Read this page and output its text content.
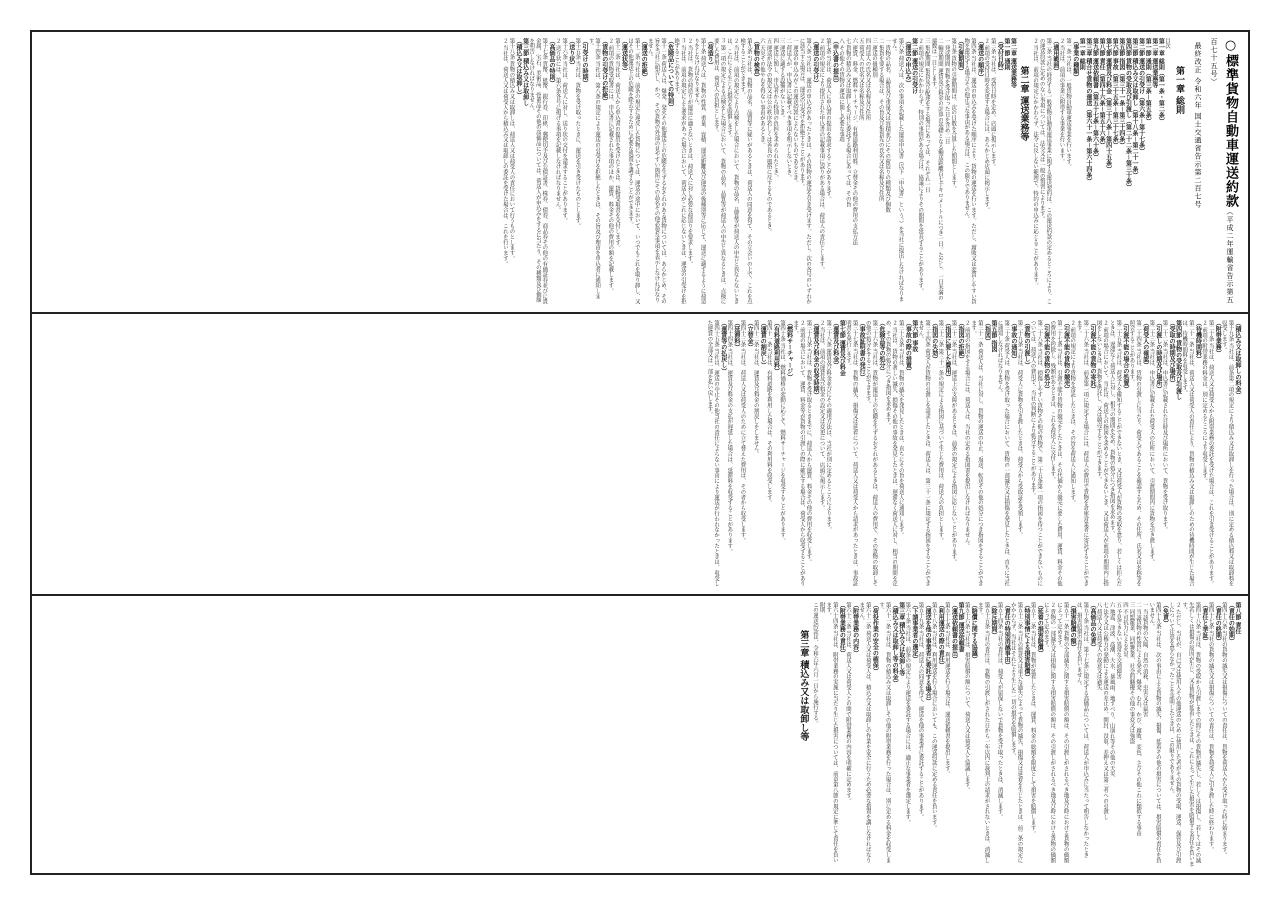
○標準貨物自動車運送約款（平成二年運輸省告示第五百七十五号）
最終改正 令和六年 国土交通省告示第二百七号
第一章 総則
目次
第一章 総則（第一条・第二条）
第二章 運送業務等
第一節 通則（第三条－第五条）
第二節 運送の引受け（第六条－第十七条）
第三節 積込み又は取卸し（第十八条－第二十一条）
第四節 貨物の受取及び引渡し（第二十二条－第三十条）
第五節 指図（第三十一条－第三十四条）
第六節 事故（第三十五条－第三十七条）
第七節 運賃及び料金（第三十八条－第四十五条）
第八節 責任（第四十六条－第五十六条）
第九節 運送依頼書（第五十七条－第六十条）
第三章 積合せ貨物の運送（第六十一条－第六十四条）
第一章 総則
（事業の種類）
第一条 当社は、一般貨物自動車運送事業を行います。
２ 当社は、前項の事業に附帯する事業を行います。
（適用範囲）
第二条 当社の経営する一般貨物自動車運送事業に関する運送契約は、この運送約款の定めるところにより、この運送約款に定めのない事項については、法令又は一般の慣習によります。
２ 当社は、前項の規定にかかわらず、法令に反しない範囲で、特約の申込みに応じることがあります。
第二章 運送業務等
第二章 運送業務等
第一節 通則
（受付日時）
第三条 当社は、受付日時を定め、店頭に掲示します。
２ 前項の受付日時を変更する場合には、あらかじめ店頭に掲示します。
（運送の順序）
第四条 当社は、運送の申込みを受けた順序により、貨物の運送を行います。ただし、腐敗又は変質しやすい貨物を運送する場合その他正当な事由がある場合は、この限りでありません。
（引渡期間）
第五条 貨物の引渡期間は、次の日数を合算した期間とします。
一 発送期間 貨物を受け取った日を含め二日
二 輸送期間 運賃及び料金の計算の基礎となる輸送距離百七十キロメートルにつき一日。ただし、一日未満の端数は一日とします。
三 集配期間 集貨及び配達をする場合にあっては、それぞれ一日
２ 前項の規定にかかわらず、特別の事情がある場合は、協議によりその期間を延長することがあります。
第二節 運送の引受け
（運送の申込み）
第六条 荷送人は、次の事項を記載した運送申込書（以下「申込書」という。）を当社に提出しなければなりません。
一 貨物の品名、品質及び重量又は容積並びにその荷造りの種類及び個数
二 集貨を要する場合は、その旨及び集貨先の氏名又は名称及び住所
三 運送の扱種別
四 荷送人の氏名又は名称及び住所
五 荷受人の氏名又は名称及び住所
六 運賃、料金、燃料サーチャージ、有料道路利用料、立替金その他の費用の支払方法
七 貨物の積込み又は取卸しを当社に委託する場合にあっては、その旨
八 その他その貨物の運送に関し必要な事項
（申込書の提出）
第七条 当社は、荷送人に申込書の提出を請求することがあります。
２ 前項の規定により提出された申込書の記載事項に誤りがある場合は、荷送人の責任とします。
（運送の引受け）
第八条 当社は、運送の申込みがあったときは、その貨物の運送を引き受けます。ただし、次の各号のいずれかに該当する場合は、運送の引受けを拒絶することがあります。
一 運送の申込みがこの運送約款によらないものであるとき。
二 荷送人が、申込書に記載すべき事項を明示しないとき。
三 運送に適する設備がないとき。
四 運送に関し、申込者から特別の負担を求められたとき。
五 運送が法令の規定又は公の秩序若しくは善良の風俗に反するものであるとき。
六 天災その他やむを得ない事由があるとき。
（貨物の検査）
第九条 当社は、貨物の品名、品質等に疑いがあるときは、荷送人の同意を得て、その立会いの上で、これを点検することができます。
２ 当社は、前項の規定により点検をした場合において、貨物の品名、品質等が荷送人の申告と異ならないときは、これにより生じた損害を賠償します。
３ 第一項の規定による点検をした場合において、貨物の品名、品質等が荷送人の申告と異なるときは、点検に要した費用は、荷送人の負担とします。
（荷造り）
第十条 荷送人は、貨物の性質、重量、容積、運送距離及び運送の扱種別等に応じて、運送に適するように荷造りをしなければなりません。
２ 当社は、貨物の荷造りが運送に適さないときは、荷送人に対し必要な荷造りを要求します。
３ 当社は、前項の規定による要求があった場合において、荷送人がこれに応じないときは、運送の引受けを拒絶することがあります。
（危険品についての特則）
第十一条 荷送人は、爆発、発火その他運送上の危険を生ずるおそれのある貨物については、あらかじめ、その旨を当社に明告し、かつ、その貨物の外部の見やすい箇所にその品名その他必要な事項を表示しなければなりません。
（運送の拒絶）
第十二条 当社は、前条の規定に違反した貨物については、運送の途中において、いつでもこれを取り卸し、又はその他運送上の危険を除去するために必要な処置を講ずることができます。
（運送状等）
第十三条 当社は、荷送人から申込書の提出を受けたときは、貨物受取書を交付します。
２ 前項の貨物受取書には、申込書に記載された事項のほか、運賃、料金その他の費用の額を記載します。
（貨物の引受けの拒絶）
第十四条 当社は、第八条の規定により運送の引受けを拒絶したときは、その旨及び理由を申込者に通知します。
（引受けの時期）
第十五条 当社は、貨物を受け取ったときに、運送を引き受けたものとします。
（送り状）
第十六条 当社は、荷送人に対し、送り状の交付を請求することがあります。
２ 送り状には、第六条各号に掲げる事項を記載しなければなりません。
（高価品の特則）
第十七条 貨幣、紙幣、銀行券、印紙、郵便切手及び公債証書、株券、債券、商品券その他の有価証券並びに貴金属、宝石、美術品、骨董品その他の高価品については、荷送人が申込みをするに当たり、その種類及び価額を明告しなければなりません。
第三節 積込み又は取卸し
（積込み又は取卸し）
第十八条 貨物の積込み又は取卸しは、荷送人又は荷受人の責任において行うものとします。
２ 当社は、荷送人又は荷受人から積込み又は取卸しの委託を受けた場合は、これを行います。
（積込み又は取卸しの料金）
第十九条 当社は、前条第二項の規定により積込み又は取卸しを行った場合は、別に定める積込料又は取卸料を収受します。
（附帯業務）
第二十条 当社は、荷送人又は荷受人から附帯業務の委託を受けた場合は、これを引き受けることがあります。
２ 前項の附帯業務の料金は、別に定めるところにより収受します。
（待機時間料）
第二十一条 当社は、荷送人又は荷受人の責任により、貨物の積込み又は取卸しのための待機時間が生じた場合は、待機時間料を収受します。
第四節 貨物の受取及び引渡し
（受取の時期及び場所）
第二十二条 当社は、申込書に記載された日時及び場所において、貨物を受け取ります。
（引渡しの時期及び場所）
第二十三条 当社は、申込書に記載された荷受人の住所において、引渡期間内に貨物を引き渡します。
（荷受人の確認）
第二十四条 当社は、貨物の引渡しに当たり、荷受人であることを確認するため、その住所、氏名又は名称等を照会することがあります。
（引渡不能の場合の処置）
第二十五条 当社は、荷受人を確知することができないとき、又は荷受人が貨物の受取を怠り、若しくは拒んだときは、遅滞なく荷送人に対し、相当の期間を定め、貨物の処分につき指図を求めます。
２ 前項の場合において、当社は、荷送人の指図を求めることができないとき、又は荷送人が前項の期間内に指図をしないときは、貨物を供託し、又は競売することができます。
（引渡不能の貨物の寄託）
第二十六条 当社は、前条第一項に規定する場合には、荷送人の費用で貨物を倉庫営業者に寄託することができます。
２ 前項の規定により貨物を寄託したときは、その旨を荷送人に通知します。
（引渡不能の貨物の競売）
第二十七条 当社は、引渡不能の貨物の競売をしたときは、その代価から競売に要した費用、運賃、料金その他の費用を控除し、残額があるときは、これを荷送人に交付します。
（引渡不能の貨物の処分）
第二十八条 当社は、損傷しやすい貨物その他の貨物で、第二十五条第一項の指図を待つことができないものについては、荷送人の費用で、当社の判断により処分することがあります。
（貨物の引渡し）
第二十九条 当社は、荷受人に貨物を引き渡したときは、荷受人から受取証を受領します。
（事故の通知）
第三十条 荷受人は、貨物を受け取った場合において、貨物の一部滅失又は損傷を発見したときは、直ちに当社に通知しなければなりません。
第五節 指図
（指図）
第三十一条 荷送人は、当社に対し、貨物の運送の中止、返送、転送その他の処分につき指図をすることができます。
２ 前項の指図をする場合には、荷送人は、当社の定める指図書を提出しなければなりません。
（指図の拒絶）
第三十二条 当社は、運送上の支障があるときは、前条の規定による指図に応じないことがあります。
（指図に要した費用）
第三十三条 第三十一条の規定による指図に基づいて生じた費用は、荷送人の負担とします。
（指図の失効）
第三十四条 荷受人が貨物の引渡しを請求したときは、荷送人は、第三十一条に規定する指図をすることができません。
第六節 事故
（事故の際の措置）
第三十五条 当社は、貨物の滅失を発見したときは、直ちにその旨を荷送人に通知します。
２ 当社は、貨物の著しい滅失、損傷その他の事故を発見したときは、遅滞なく荷送人に対し、相当の期間を定め、その貨物の処分につき指図を求めます。
（危険品等の処分）
第三十六条 当社は、貨物が運送上の危険を生ずるおそれがあるときは、荷送人の費用で、その貨物の取卸しその他の処分をすることができます。
（事故証明書の発行）
第三十七条 当社は、貨物の滅失、損傷又は延着について、荷送人又は荷受人から請求があったときは、事故証明書を発行します。
第七節 運賃及び料金
（運賃及び料金）
第三十八条 運賃及び料金並びにその適用方法は、当社が別に定めるところによります。
２ 当社は、前項の運賃及び料金の設定又は変更について、店頭に掲示します。
（運賃及び料金の収受時期）
第三十九条 当社は、貨物を受け取るときまでに、荷送人から運賃、料金その他の費用を収受します。
２ 前項の場合において、運賃、料金等が貨物の引渡しの際に確定する場合は、荷受人から収受することがあります。
（燃料サーチャージ）
第四十条 当社は、燃料価格の変動に応じて、燃料サーチャージを収受することがあります。
（有料道路利用料）
第四十一条 当社は、有料道路を利用した場合は、その利用料を収受します。
（運賃の割戻し）
第四十二条 当社は、運賃及び料金の割戻しをしません。
（立替金）
第四十三条 当社は、荷送人又は荷受人のために立て替えた費用は、その者から収受します。
（延滞料）
第四十四条 当社は、運賃及び料金の支払が遅延した場合は、延滞料を収受することがあります。
（運賃等の払戻し）
第四十五条 当社は、運送の中止その他当社の責任によらない事由により運送が行われなかったときは、収受した運賃の全部又は一部を払い戻します。
第八節 責任
（責任の始期）
第四十六条 当社の貨物の滅失又は損傷についての責任は、貨物を荷送人から受け取った時に始まります。
（責任の終期）
第四十七条 当社の貨物の滅失又は損傷についての責任は、貨物を荷受人に引き渡した時に終わります。
（責任と挙証）
第四十八条 当社は、貨物の受取から引渡しまでの間にその貨物が滅失し、若しくは損傷し、若しくはその滅失若しくは損傷の原因が生じ、又は貨物が延着したときは、これによって生じた損害を賠償する責任を負います。
２ ただし、当社が、自己又は使用人その他運送のために使用した者がその貨物の受取、運送、保管及び引渡しについて注意を怠らなかったことを証明したときは、この限りでありません。
（免責）
第四十九条 当社は、次の事由による貨物の滅失、損傷、延着その他の損害については、損害賠償の責任を負いません。
一 当該貨物の欠陥、自然の消耗、虫害又は鼠害
二 当該貨物の性質による発火、爆発、むれ、かび、腐敗、変色、さびその他これに類似する事由
三 同盟罷業、同盟怠業、社会的騒擾その他の事変又は強盗
四 不可抗力による火災
五 予見できない異常な交通障害
六 地震、津波、高潮、大水、暴風雨、地すべり、山崩れ等その他の天災
七 法令又は公権力の発動による運送の差止め、開封、没収、差押え又は第三者への引渡し
八 荷送人又は荷受人の故意又は過失
（高価品の免責）
第五十条 当社は、第十七条に規定する高価品については、荷送人が申込みに当たって明告しなかったときは、損害賠償の責任を負いません。
（損害賠償の額）
第五十一条 貨物の全部滅失に関する損害賠償の額は、その引渡しがされるべき地及び時における貨物の価額によって定めます。
２ 貨物の一部滅失又は損傷に関する損害賠償の額は、その引渡しがされるべき地及び時における貨物の価額によって定めます。
（延着の損害賠償）
第五十二条 当社は、貨物が延着したときは、運賃、料金の総額を限度として損害を賠償します。
（特別事情による損害賠償）
第五十三条 当社の悪意又は重大な過失によって貨物の滅失、損傷又は延着を生じたときは、前二条の規定にかかわらず、当社はそれにより生じた一切の損害を賠償します。
（責任の特別消滅事由）
第五十四条 当社の責任は、荷受人が留保しないで貨物を受け取ったときは、消滅します。
（除斥期間）
第五十五条 当社の責任は、貨物の引渡しがされた日から一年以内に裁判上の請求がされないときは、消滅します。
（賠償に関する協議）
第五十六条 当社は、損害賠償の額について、荷送人又は荷受人と協議します。
第九節 運送依頼書
（運送依頼書の提出）
第五十七条 当社は、利用運送を行う場合は、運送依頼書を提出します。
（利用運送の際の責任）
第五十八条 当社は、利用運送を行う場合においても、この運送約款に定める責任を負います。
（運送を他の事業者に委託する場合）
第五十九条 当社は、荷送人の同意を得て、運送を他の事業者に委託することがあります。
（下請事業者の選定）
第六十条 当社は、前条の規定により運送を委託する場合には、適正な事業者を選定します。
第三章 積込み又は取卸し等
（積込み又は取卸し等の料金）
第六十一条 当社は、貨物の積込み又は取卸しその他の附帯業務を行った場合は、別に定める料金を収受します。
（荷役作業の安全の確保）
第六十二条 荷送人又は荷受人は、積込み又は取卸しの作業を安全に行うため必要な措置を講じなければなりません。
（附帯業務の内容）
第六十三条 当社は、荷送人又は荷受人との間で附帯業務の内容を明確に定めます。
（附帯業務の責任）
第六十四条 当社は、附帯業務の実施に当たり生じた損害については、前章第八節の規定に準じて責任を負います。
附則
この運送約款は、令和六年六月一日から施行する。
第三章 積込み又は取卸し等
